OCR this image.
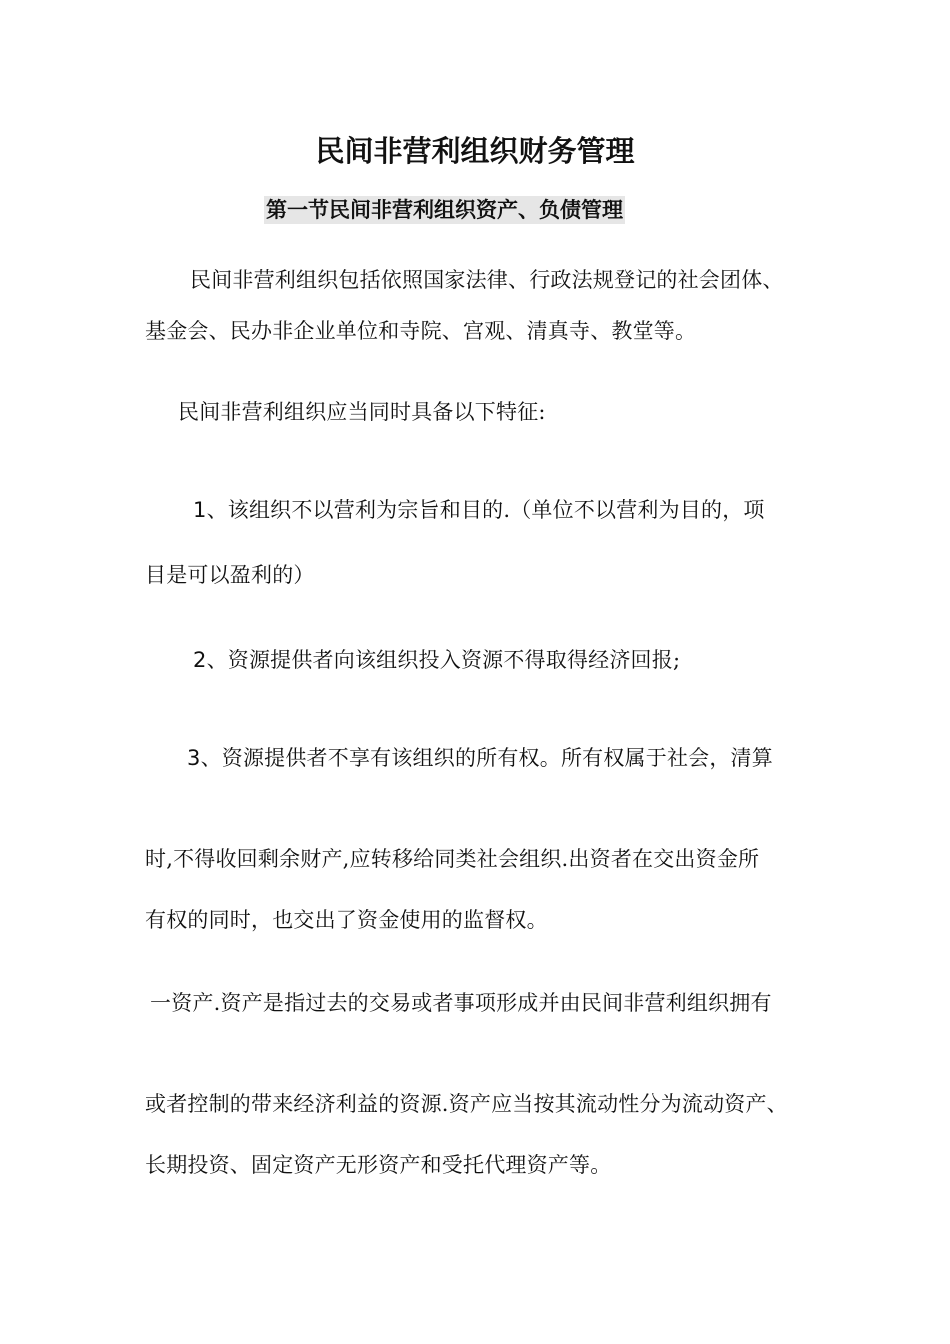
民间非营利组织财务管理
第一节民间非营利组织资产、负债管理
民间非营利组织包括依照国家法律、行政法规登记的社会团体、
基金会、民办非企业单位和寺院、宫观、清真寺、教堂等。
民间非营利组织应当同时具备以下特征:
1、该组织不以营利为宗旨和目的.（单位不以营利为目的，项
目是可以盈利的）
2、资源提供者向该组织投入资源不得取得经济回报;
3、资源提供者不享有该组织的所有权。所有权属于社会，清算
时,不得收回剩余财产,应转移给同类社会组织.出资者在交出资金所
有权的同时，也交出了资金使用的监督权。
一资产.资产是指过去的交易或者事项形成并由民间非营利组织拥有
或者控制的带来经济利益的资源.资产应当按其流动性分为流动资产、
长期投资、固定资产无形资产和受托代理资产等。
